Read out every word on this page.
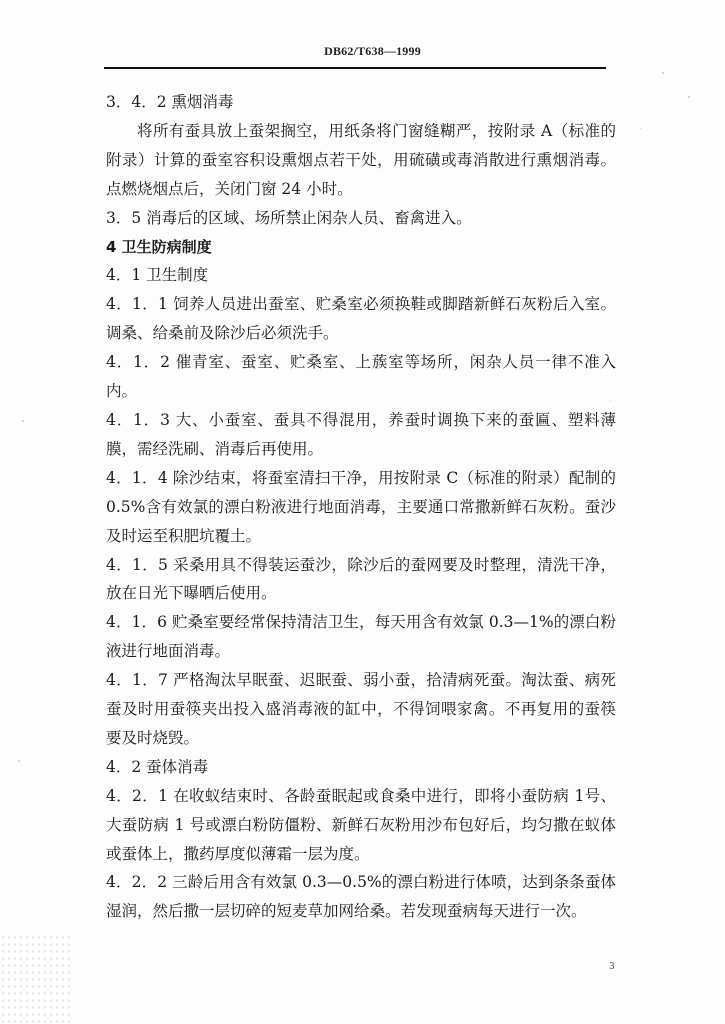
DB62/T638—1999

3．4．2 熏烟消毒

将所有蚕具放上蚕架搁空，用纸条将门窗缝糊严，按附录 A（标准的附录）计算的蚕室容积设熏烟点若干处，用硫磺或毒消散进行熏烟消毒。点燃烧烟点后，关闭门窗 24 小时。

3．5 消毒后的区域、场所禁止闲杂人员、畜禽进入。

4 卫生防病制度

4．1 卫生制度

4．1．1 饲养人员进出蚕室、贮桑室必须换鞋或脚踏新鲜石灰粉后入室。调桑、给桑前及除沙后必须洗手。

4．1．2 催青室、蚕室、贮桑室、上蔟室等场所，闲杂人员一律不准入内。

4．1．3 大、小蚕室、蚕具不得混用，养蚕时调换下来的蚕匾、塑料薄膜，需经洗刷、消毒后再使用。

4．1．4 除沙结束，将蚕室清扫干净，用按附录 C（标准的附录）配制的 0.5%含有效氯的漂白粉液进行地面消毒，主要通口常撒新鲜石灰粉。蚕沙及时运至积肥坑覆土。

4．1．5 采桑用具不得装运蚕沙，除沙后的蚕网要及时整理，清洗干净，放在日光下曝晒后使用。

4．1．6 贮桑室要经常保持清洁卫生，每天用含有效氯 0.3—1%的漂白粉液进行地面消毒。

4．1．7 严格淘汰早眠蚕、迟眠蚕、弱小蚕，拾清病死蚕。淘汰蚕、病死蚕及时用蚕筷夹出投入盛消毒液的缸中，不得饲喂家禽。不再复用的蚕筷要及时烧毁。

4．2 蚕体消毒

4．2．1 在收蚁结束时、各龄蚕眠起或食桑中进行，即将小蚕防病 1号、大蚕防病 1 号或漂白粉防僵粉、新鲜石灰粉用沙布包好后，均匀撒在蚁体或蚕体上，撒药厚度似薄霜一层为度。

4．2．2 三龄后用含有效氯 0.3—0.5%的漂白粉进行体喷，达到条条蚕体湿润，然后撒一层切碎的短麦草加网给桑。若发现蚕病每天进行一次。

3
